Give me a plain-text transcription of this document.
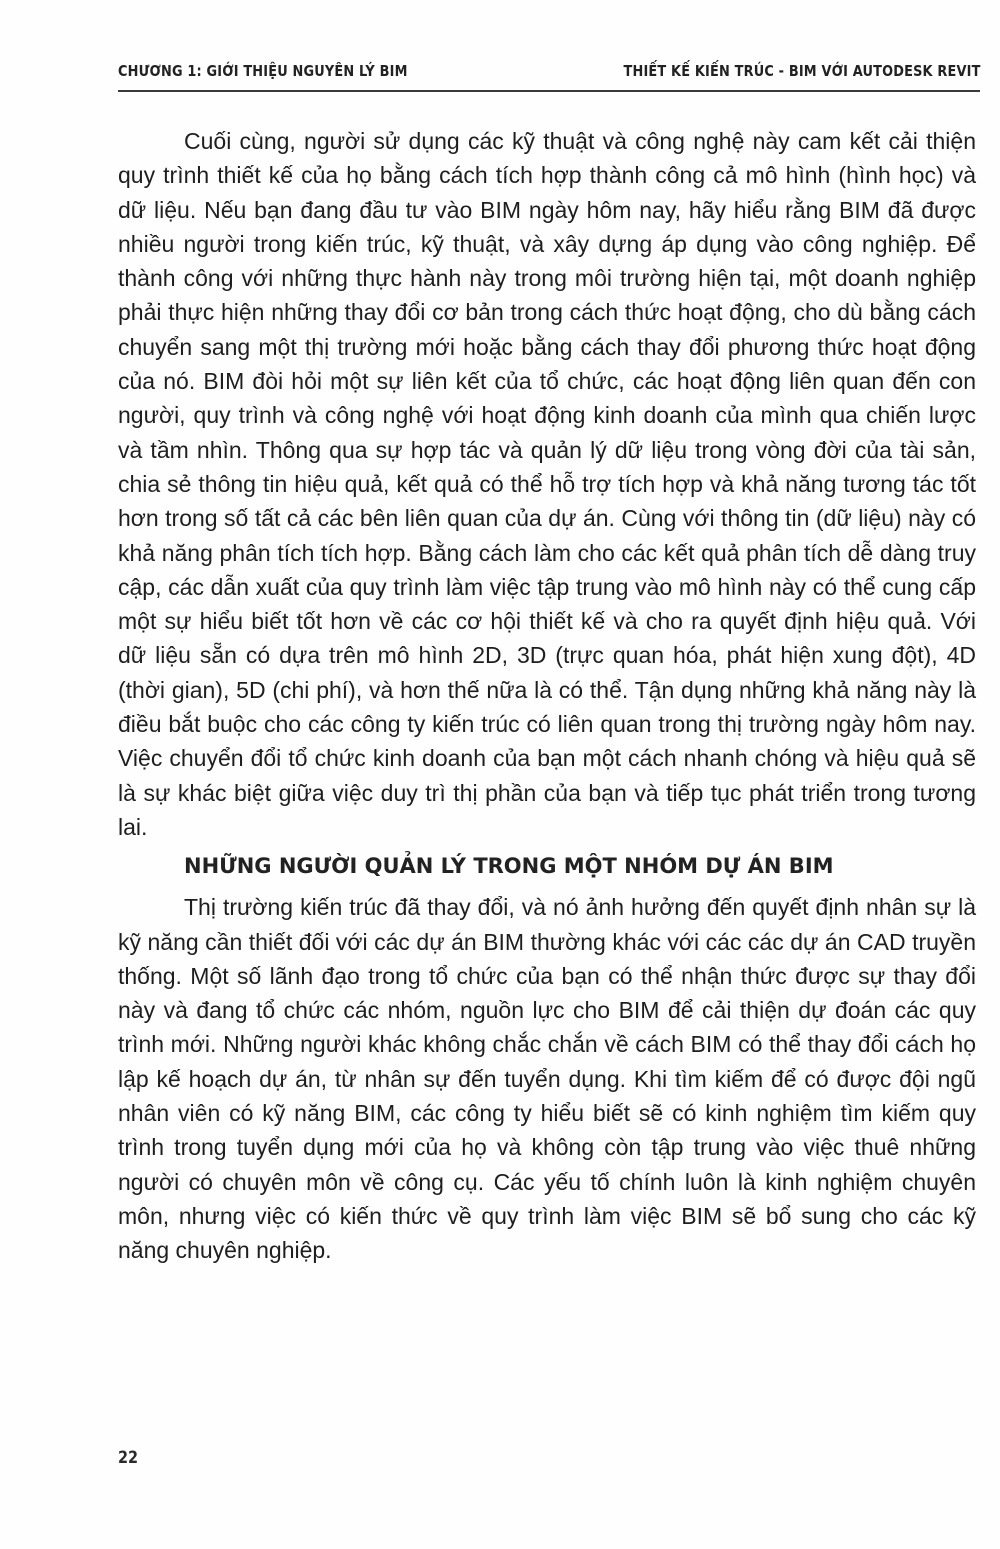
CHƯƠNG 1: GIỚI THIỆU NGUYÊN LÝ BIM	THIẾT KẾ KIẾN TRÚC - BIM VỚI AUTODESK REVIT

Cuối cùng, người sử dụng các kỹ thuật và công nghệ này cam kết cải thiện quy trình thiết kế của họ bằng cách tích hợp thành công cả mô hình (hình học) và dữ liệu. Nếu bạn đang đầu tư vào BIM ngày hôm nay, hãy hiểu rằng BIM đã được nhiều người trong kiến trúc, kỹ thuật, và xây dựng áp dụng vào công nghiệp. Để thành công với những thực hành này trong môi trường hiện tại, một doanh nghiệp phải thực hiện những thay đổi cơ bản trong cách thức hoạt động, cho dù bằng cách chuyển sang một thị trường mới hoặc bằng cách thay đổi phương thức hoạt động của nó. BIM đòi hỏi một sự liên kết của tổ chức, các hoạt động liên quan đến con người, quy trình và công nghệ với hoạt động kinh doanh của mình qua chiến lược và tầm nhìn. Thông qua sự hợp tác và quản lý dữ liệu trong vòng đời của tài sản, chia sẻ thông tin hiệu quả, kết quả có thể hỗ trợ tích hợp và khả năng tương tác tốt hơn trong số tất cả các bên liên quan của dự án. Cùng với thông tin (dữ liệu) này có khả năng phân tích tích hợp. Bằng cách làm cho các kết quả phân tích dễ dàng truy cập, các dẫn xuất của quy trình làm việc tập trung vào mô hình này có thể cung cấp một sự hiểu biết tốt hơn về các cơ hội thiết kế và cho ra quyết định hiệu quả. Với dữ liệu sẵn có dựa trên mô hình 2D, 3D (trực quan hóa, phát hiện xung đột), 4D (thời gian), 5D (chi phí), và hơn thế nữa là có thể. Tận dụng những khả năng này là điều bắt buộc cho các công ty kiến trúc có liên quan trong thị trường ngày hôm nay. Việc chuyển đổi tổ chức kinh doanh của bạn một cách nhanh chóng và hiệu quả sẽ là sự khác biệt giữa việc duy trì thị phần của bạn và tiếp tục phát triển trong tương lai.

NHỮNG NGƯỜI QUẢN LÝ TRONG MỘT NHÓM DỰ ÁN BIM

Thị trường kiến trúc đã thay đổi, và nó ảnh hưởng đến quyết định nhân sự là kỹ năng cần thiết đối với các dự án BIM thường khác với các các dự án CAD truyền thống. Một số lãnh đạo trong tổ chức của bạn có thể nhận thức được sự thay đổi này và đang tổ chức các nhóm, nguồn lực cho BIM để cải thiện dự đoán các quy trình mới. Những người khác không chắc chắn về cách BIM có thể thay đổi cách họ lập kế hoạch dự án, từ nhân sự đến tuyển dụng. Khi tìm kiếm để có được đội ngũ nhân viên có kỹ năng BIM, các công ty hiểu biết sẽ có kinh nghiệm tìm kiếm quy trình trong tuyển dụng mới của họ và không còn tập trung vào việc thuê những người có chuyên môn về công cụ. Các yếu tố chính luôn là kinh nghiệm chuyên môn, nhưng việc có kiến thức về quy trình làm việc BIM sẽ bổ sung cho các kỹ năng chuyên nghiệp.

22
